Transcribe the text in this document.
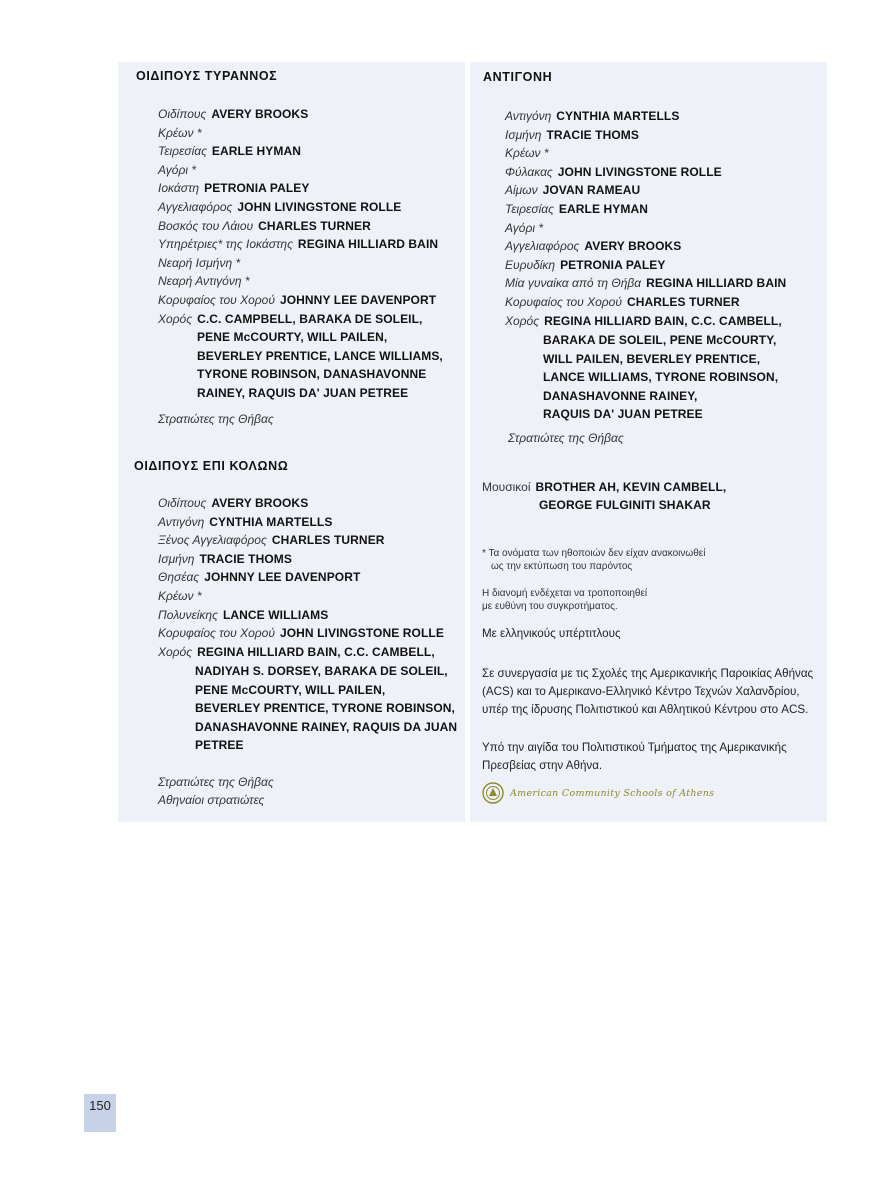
ΟΙΔΙΠΟΥΣ ΤΥΡΑΝΝΟΣ
Οιδίπους AVERY BROOKS
Κρέων *
Τειρεσίας EARLE HYMAN
Αγόρι *
Ιοκάστη PETRONIA PALEY
Αγγελιαφόρος JOHN LIVINGSTONE ROLLE
Βοσκός του Λάιου CHARLES TURNER
Υπηρέτριες* της Ιοκάστης REGINA HILLIARD BAIN
Νεαρή Ισμήνη *
Νεαρή Αντιγόνη *
Κορυφαίος του Χορού JOHNNY LEE DAVENPORT
Χορός C.C. CAMPBELL, BARAKA DE SOLEIL,
PENE McCOURTY, WILL PAILEN,
BEVERLEY PRENTICE, LANCE WILLIAMS,
TYRONE ROBINSON, DANASHAVONNE
RAINEY, RAQUIS DA' JUAN PETREE
Στρατιώτες της Θήβας
ΟΙΔΙΠΟΥΣ ΕΠΙ ΚΟΛΩΝΩ
Οιδίπους AVERY BROOKS
Αντιγόνη CYNTHIA MARTELLS
Ξένος Αγγελιαφόρος CHARLES TURNER
Ισμήνη TRACIE THOMS
Θησέας JOHNNY LEE DAVENPORT
Κρέων *
Πολυνείκης LANCE WILLIAMS
Κορυφαίος του Χορού JOHN LIVINGSTONE ROLLE
Χορός REGINA HILLIARD BAIN, C.C. CAMBELL,
NADIYAH S. DORSEY, BARAKA DE SOLEIL,
PENE McCOURTY, WILL PAILEN,
BEVERLEY PRENTICE, TYRONE ROBINSON,
DANASHAVONNE RAINEY, RAQUIS DA JUAN
PETREE
Στρατιώτες της Θήβας
Αθηναίοι στρατιώτες
ΑΝΤΙΓΟΝΗ
Αντιγόνη CYNTHIA MARTELLS
Ισμήνη TRACIE THOMS
Κρέων *
Φύλακας JOHN LIVINGSTONE ROLLE
Αίμων JOVAN RAMEAU
Τειρεσίας EARLE HYMAN
Αγόρι *
Αγγελιαφόρος AVERY BROOKS
Ευρυδίκη PETRONIA PALEY
Μία γυναίκα από τη Θήβα REGINA HILLIARD BAIN
Κορυφαίος του Χορού CHARLES TURNER
Χορός REGINA HILLIARD BAIN, C.C. CAMBELL,
BARAKA DE SOLEIL, PENE McCOURTY,
WILL PAILEN, BEVERLEY PRENTICE,
LANCE WILLIAMS, TYRONE ROBINSON,
DANASHAVONNE RAINEY,
RAQUIS DA' JUAN PETREE
Στρατιώτες της Θήβας
Μουσικοί BROTHER AH, KEVIN CAMBELL,
GEORGE FULGINITI SHAKAR
* Τα ονόματα των ηθοποιών δεν είχαν ανακοινωθεί
ως την εκτύπωση του παρόντος
Η διανομή ενδέχεται να τροποποιηθεί
με ευθύνη του συγκροτήματος.
Με ελληνικούς υπέρτιτλους
Σε συνεργασία με τις Σχολές της Αμερικανικής Παροικίας Αθήνας (ACS) και το Αμερικανο-Ελληνικό Κέντρο Τεχνών Χαλανδρίου, υπέρ της ίδρυσης Πολιτιστικού και Αθλητικού Κέντρου στο ACS.
Υπό την αιγίδα του Πολιτιστικού Τμήματος της Αμερικανικής Πρεσβείας στην Αθήνα.
American Community Schools of Athens
150
